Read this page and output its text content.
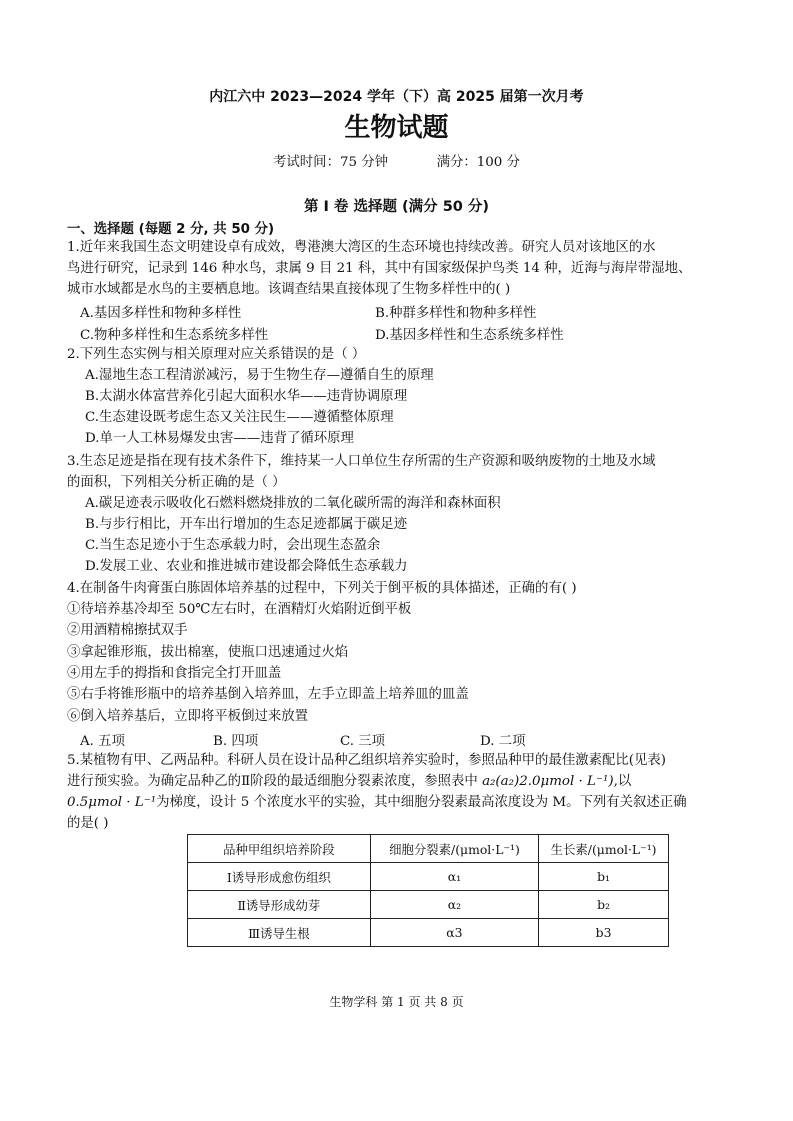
内江六中 2023—2024 学年（下）高 2025 届第一次月考
生物试题
考试时间：75 分钟	满分：100 分
第 I 卷 选择题 (满分 50 分)
一、选择题 (每题 2 分, 共 50 分)
1.近年来我国生态文明建设卓有成效，粤港澳大湾区的生态环境也持续改善。研究人员对该地区的水
鸟进行研究，记录到 146 种水鸟，隶属 9 目 21 科，其中有国家级保护鸟类 14 种，近海与海岸带湿地、
城市水域都是水鸟的主要栖息地。该调查结果直接体现了生物多样性中的( )
A.基因多样性和物种多样性	B.种群多样性和物种多样性
C.物种多样性和生态系统多样性	D.基因多样性和生态系统多样性
2.下列生态实例与相关原理对应关系错误的是（ ）
A.湿地生态工程清淤减污，易于生物生存—遵循自生的原理
B.太湖水体富营养化引起大面积水华——违背协调原理
C.生态建设既考虑生态又关注民生——遵循整体原理
D.单一人工林易爆发虫害——违背了循环原理
3.生态足迹是指在现有技术条件下，维持某一人口单位生存所需的生产资源和吸纳废物的土地及水域
的面积，下列相关分析正确的是（ ）
A.碳足迹表示吸收化石燃料燃烧排放的二氧化碳所需的海洋和森林面积
B.与步行相比，开车出行增加的生态足迹都属于碳足迹
C.当生态足迹小于生态承载力时，会出现生态盈余
D.发展工业、农业和推进城市建设都会降低生态承载力
4.在制备牛肉膏蛋白胨固体培养基的过程中，下列关于倒平板的具体描述，正确的有( )
①待培养基冷却至 50℃左右时，在酒精灯火焰附近倒平板
②用酒精棉擦拭双手
③拿起锥形瓶，拔出棉塞，使瓶口迅速通过火焰
④用左手的拇指和食指完全打开皿盖
⑤右手将锥形瓶中的培养基倒入培养皿，左手立即盖上培养皿的皿盖
⑥倒入培养基后，立即将平板倒过来放置
A. 五项	B. 四项	C. 三项	D. 二项
5.某植物有甲、乙两品种。科研人员在设计品种乙组织培养实验时，参照品种甲的最佳激素配比(见表)
进行预实验。为确定品种乙的Ⅱ阶段的最适细胞分裂素浓度，参照表中 a₂(a₂)2.0μmol · L⁻¹),以
0.5μmol · L⁻¹为梯度，设计 5 个浓度水平的实验，其中细胞分裂素最高浓度设为 M。下列有关叙述正确
的是( )
品种甲组织培养阶段	细胞分裂素/(μmol·L⁻¹)	生长素/(μmol·L⁻¹)
Ⅰ诱导形成愈伤组织	α₁	b₁
Ⅱ诱导形成幼芽	α₂	b₂
Ⅲ诱导生根	α3	b3
生物学科 第 1 页 共 8 页
